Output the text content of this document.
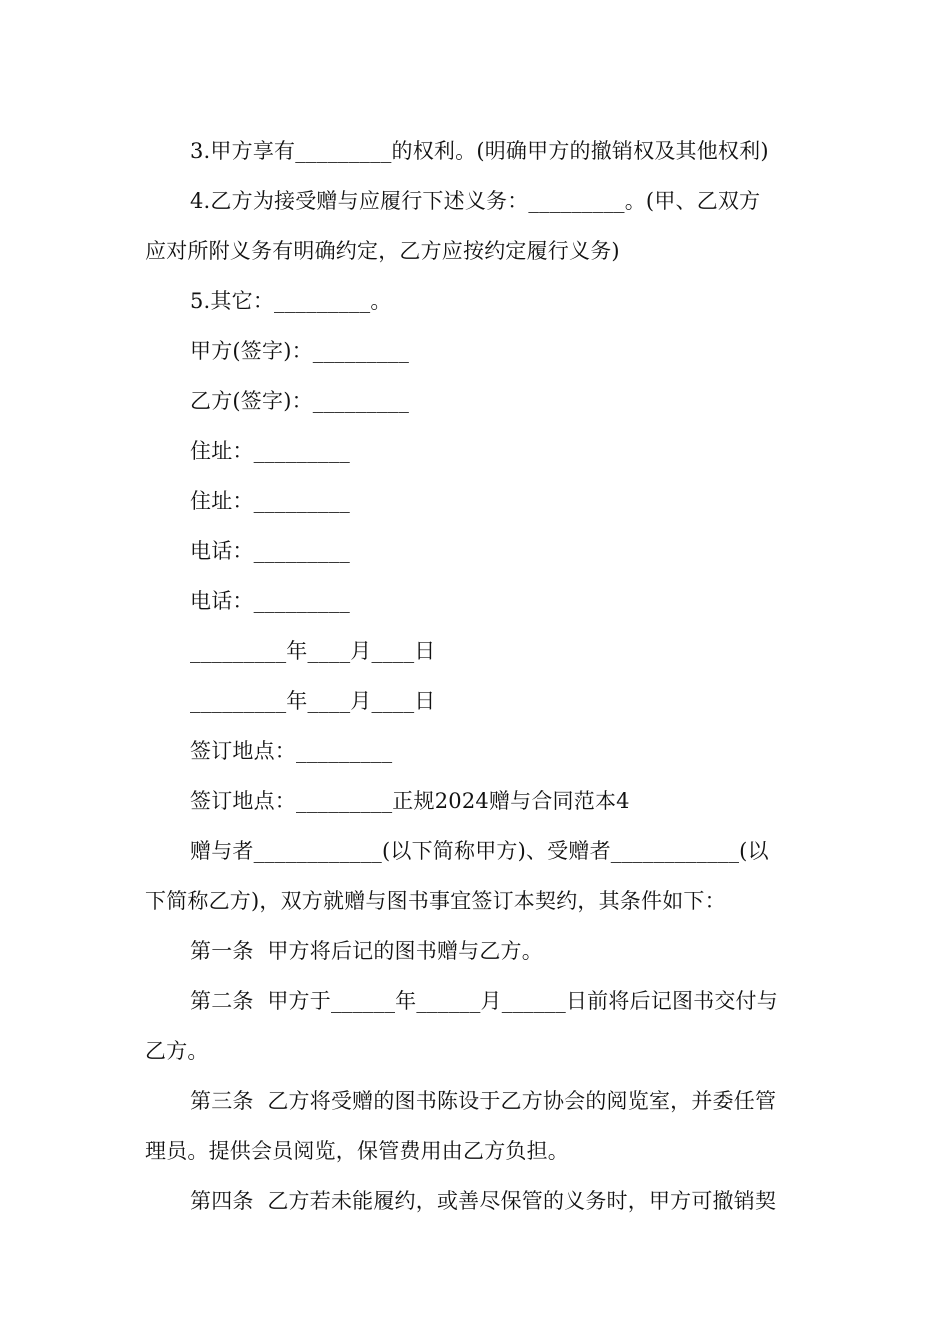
3.甲方享有_________的权利。(明确甲方的撤销权及其他权利)
4.乙方为接受赠与应履行下述义务：_________。(甲、乙双方
应对所附义务有明确约定，乙方应按约定履行义务)
5.其它：_________。
甲方(签字)：_________
乙方(签字)：_________
住址：_________
住址：_________
电话：_________
电话：_________
_________年____月____日
_________年____月____日
签订地点：_________
签订地点：_________正规2024赠与合同范本4
赠与者____________(以下简称甲方)、受赠者____________(以
下简称乙方)，双方就赠与图书事宜签订本契约，其条件如下：
第一条  甲方将后记的图书赠与乙方。
第二条  甲方于______年______月______日前将后记图书交付与
乙方。
第三条  乙方将受赠的图书陈设于乙方协会的阅览室，并委任管
理员。提供会员阅览，保管费用由乙方负担。
第四条  乙方若未能履约，或善尽保管的义务时，甲方可撤销契
